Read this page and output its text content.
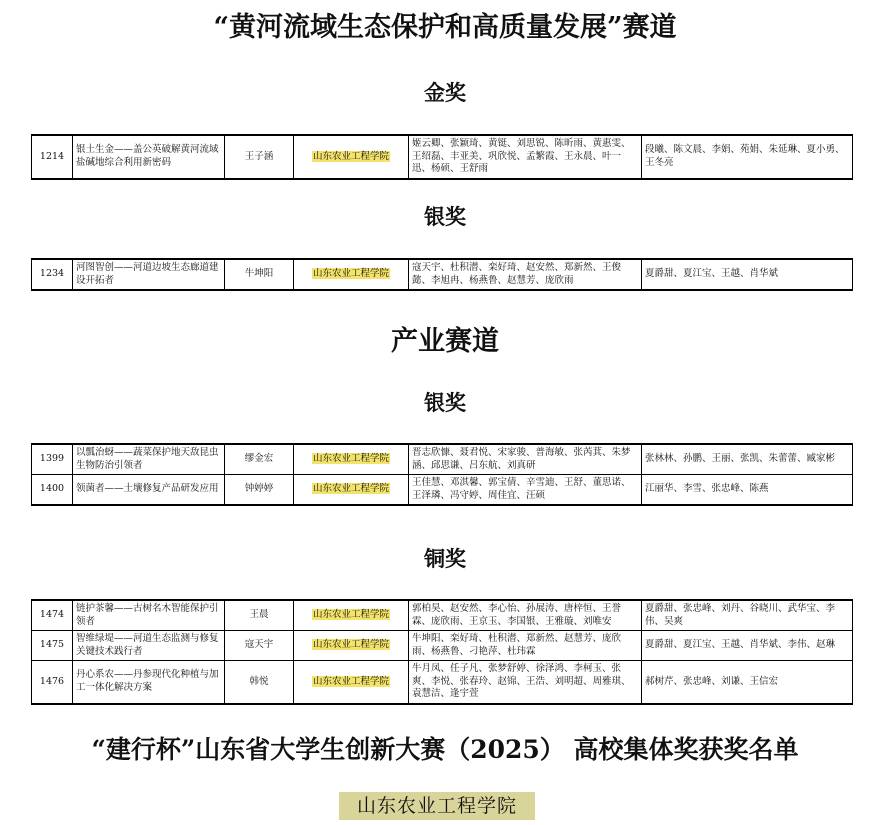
“黄河流域生态保护和高质量发展”赛道
金奖
1214	银土生金——盖公英破解黄河流域盐碱地综合利用新密码	王子涵	山东农业工程学院	姬云卿、张颖琦、黄铤、刘思锐、陈昕雨、黄惠雯、王绍磊、丰亚美、巩欣悦、孟繁霞、王永晨、叶一迅、杨硕、王舒雨	段曦、陈文晨、李娟、苑娟、朱延琳、夏小勇、王冬亮
银奖
1234	河图智创——河道边坡生态廊道建设开拓者	牛坤阳	山东农业工程学院	寇天宇、杜积潜、栾好琦、赵安然、郑新然、王俊懿、李旭冉、杨燕鲁、赵慧芳、庞欣雨	夏爵甜、夏江宝、王越、肖华斌
产业赛道
银奖
1399	以瓢治蚜——蔬菜保护地天敌昆虫生物防治引领者	缪金宏	山东农业工程学院	晋志欣慷、聂君悦、宋家骏、普海敏、张芮萁、朱梦涵、邱思谦、吕东航、刘真研	张林林、孙鹏、王丽、张凯、朱蕾蕾、臧家彬
1400	领菌者——土壤修复产品研发应用	钟婷婷	山东农业工程学院	王佳慧、邓淇馨、郭宝倩、辛雪迪、王舒、董思诺、王泽璘、冯守婷、周佳宜、汪硕	江丽华、李雪、张忠峰、陈燕
铜奖
1474	链护茶馨——古树名木智能保护引领者	王晨	山东农业工程学院	郭柏昊、赵安然、李心怡、孙展涛、唐梓恒、王誉霖、庞欣雨、王京玉、李国银、王雅璇、刘唯安	夏爵甜、张忠峰、刘丹、谷晓川、武华宝、李伟、吴爽
1475	智维绿堤——河道生态监测与修复关键技术践行者	寇天宇	山东农业工程学院	牛坤阳、栾好琦、杜积潜、郑新然、赵慧芳、庞欣雨、杨燕鲁、刁艳萍、杜玮霖	夏爵甜、夏江宝、王越、肖华斌、李伟、赵琳
1476	丹心系农——丹参现代化种植与加工一体化解决方案	韩悦	山东农业工程学院	牛月凤、任子凡、张梦舒婷、徐泽鸿、李柯玉、张爽、李悦、张春玲、赵锦、王浩、刘明超、周雅琪、袁慧洁、逢宇萱	郝树芹、张忠峰、刘谦、王信宏
“建行杯”山东省大学生创新大赛（2025） 高校集体奖获奖名单
山东农业工程学院
